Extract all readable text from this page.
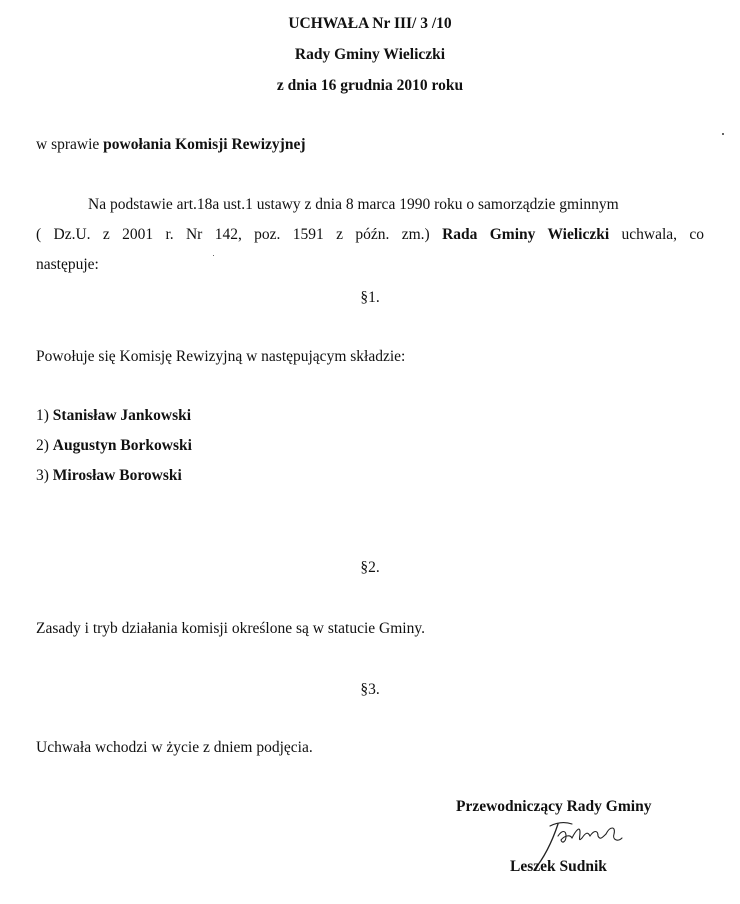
UCHWAŁA Nr III/ 3 /10
Rady Gminy Wieliczki
z dnia 16 grudnia 2010 roku
w sprawie powołania Komisji Rewizyjnej
Na podstawie art.18a ust.1 ustawy z dnia 8 marca 1990 roku o samorządzie gminnym
( Dz.U. z 2001 r. Nr 142, poz. 1591 z późn. zm.) Rada Gminy Wieliczki uchwala, co
następuje:
§1.
Powołuje się Komisję Rewizyjną w następującym składzie:
1) Stanisław Jankowski
2) Augustyn Borkowski
3) Mirosław Borowski
§2.
Zasady i tryb działania komisji określone są w statucie Gminy.
§3.
Uchwała wchodzi w życie z dniem podjęcia.
Przewodniczący Rady Gminy
Leszek Sudnik
